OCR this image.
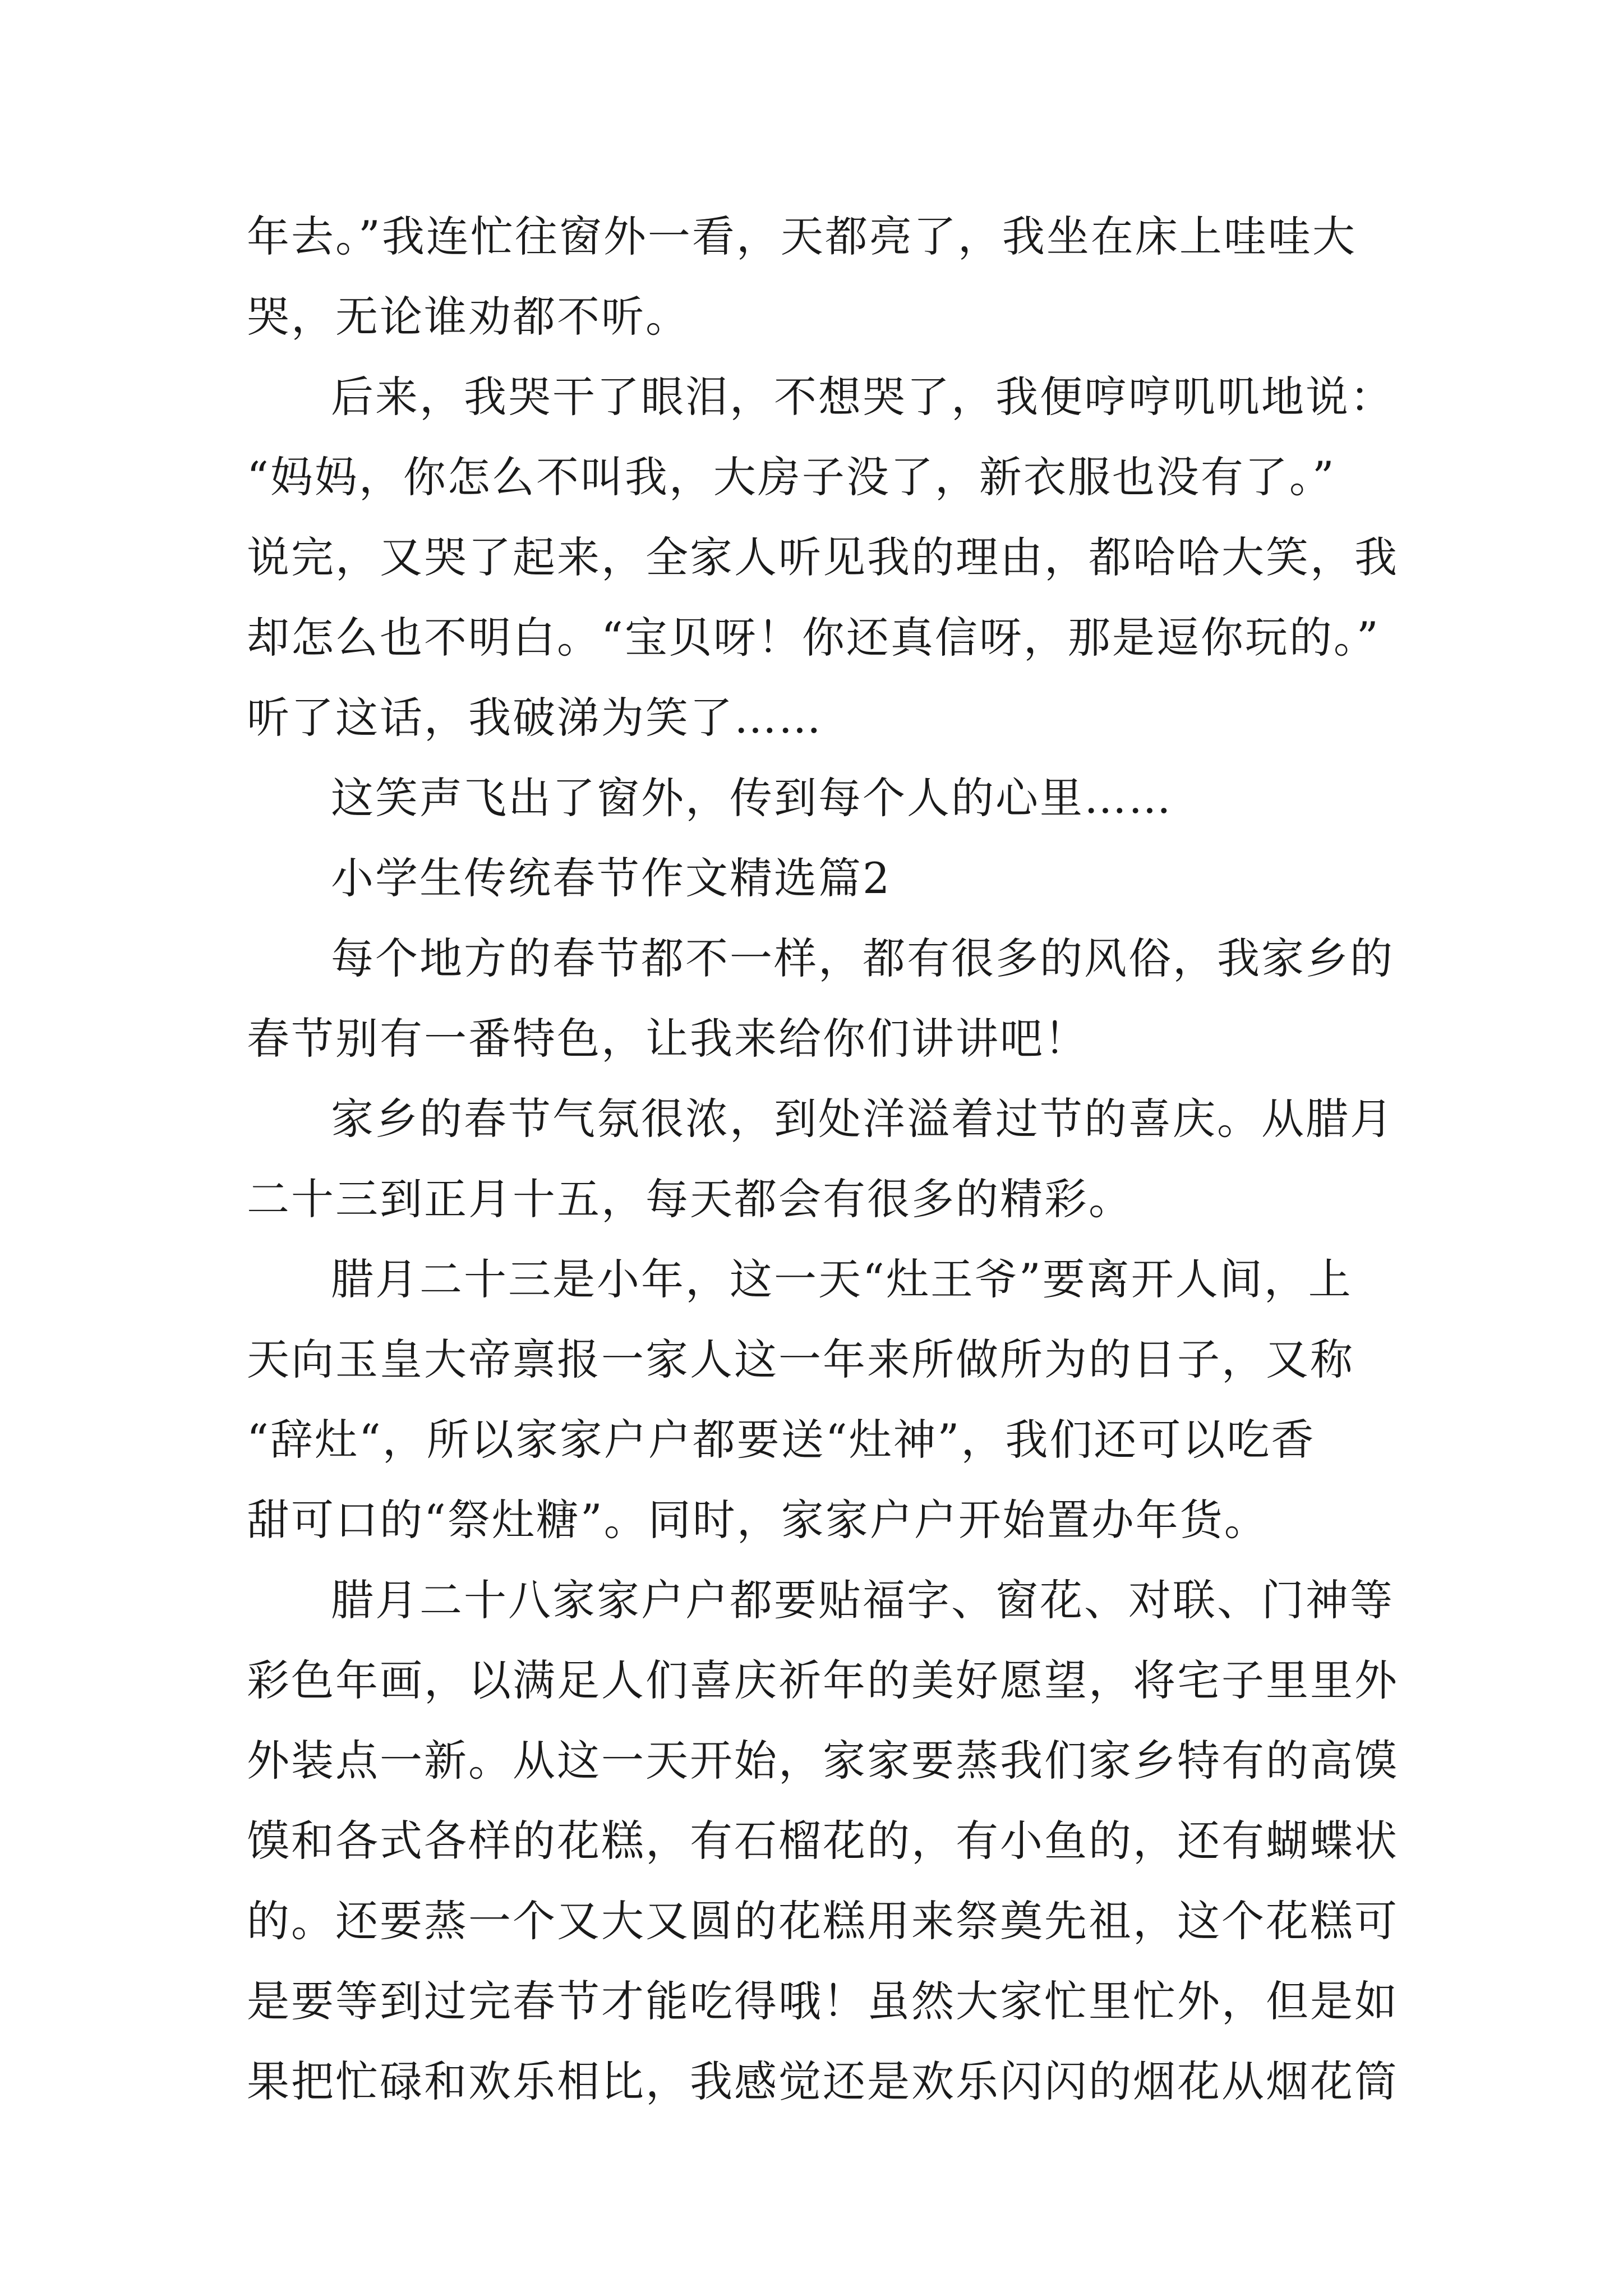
年去。”我连忙往窗外一看，天都亮了，我坐在床上哇哇大
哭，无论谁劝都不听。
后来，我哭干了眼泪，不想哭了，我便哼哼叽叽地说：
“妈妈，你怎么不叫我，大房子没了，新衣服也没有了。”
说完，又哭了起来，全家人听见我的理由，都哈哈大笑，我
却怎么也不明白。“宝贝呀！你还真信呀，那是逗你玩的。”
听了这话，我破涕为笑了……
这笑声飞出了窗外，传到每个人的心里……
小学生传统春节作文精选篇2
每个地方的春节都不一样，都有很多的风俗，我家乡的
春节别有一番特色，让我来给你们讲讲吧！
家乡的春节气氛很浓，到处洋溢着过节的喜庆。从腊月
二十三到正月十五，每天都会有很多的精彩。
腊月二十三是小年，这一天“灶王爷”要离开人间，上
天向玉皇大帝禀报一家人这一年来所做所为的日子，又称
“辞灶“，所以家家户户都要送“灶神”，我们还可以吃香
甜可口的“祭灶糖”。同时，家家户户开始置办年货。
腊月二十八家家户户都要贴福字、窗花、对联、门神等
彩色年画，以满足人们喜庆祈年的美好愿望，将宅子里里外
外装点一新。从这一天开始，家家要蒸我们家乡特有的高馍
馍和各式各样的花糕，有石榴花的，有小鱼的，还有蝴蝶状
的。还要蒸一个又大又圆的花糕用来祭奠先祖，这个花糕可
是要等到过完春节才能吃得哦！虽然大家忙里忙外，但是如
果把忙碌和欢乐相比，我感觉还是欢乐闪闪的烟花从烟花筒
